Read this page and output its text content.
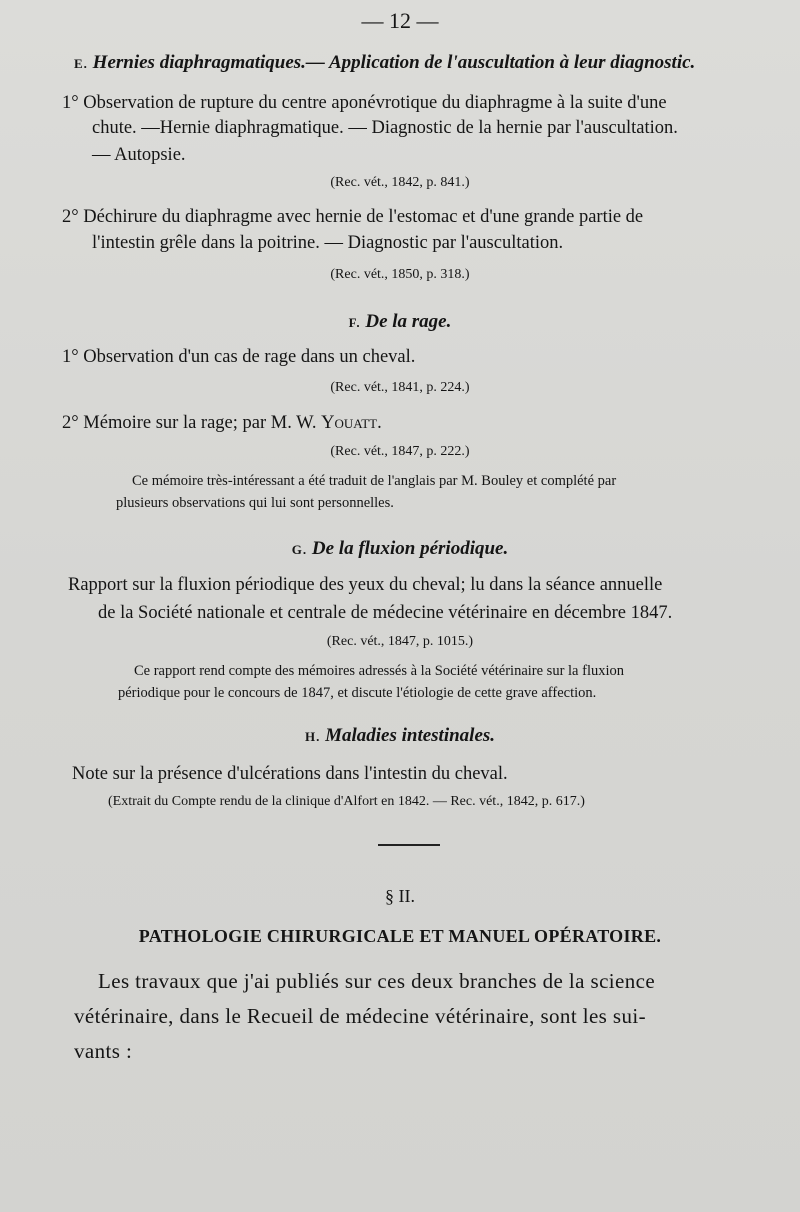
— 12 —
E. Hernies diaphragmatiques.— Application de l'auscultation à leur diagnostic.
1° Observation de rupture du centre aponévrotique du diaphragme à la suite d'une
chute. —Hernie diaphragmatique. — Diagnostic de la hernie par l'auscultation.
— Autopsie.
(Rec. vét., 1842, p. 841.)
2° Déchirure du diaphragme avec hernie de l'estomac et d'une grande partie de
l'intestin grêle dans la poitrine. — Diagnostic par l'auscultation.
(Rec. vét., 1850, p. 318.)
F. De la rage.
1° Observation d'un cas de rage dans un cheval.
(Rec. vét., 1841, p. 224.)
2° Mémoire sur la rage; par M. W. Youatt.
(Rec. vét., 1847, p. 222.)
Ce mémoire très-intéressant a été traduit de l'anglais par M. Bouley et complété par
plusieurs observations qui lui sont personnelles.
G. De la fluxion périodique.
Rapport sur la fluxion périodique des yeux du cheval; lu dans la séance annuelle
de la Société nationale et centrale de médecine vétérinaire en décembre 1847.
(Rec. vét., 1847, p. 1015.)
Ce rapport rend compte des mémoires adressés à la Société vétérinaire sur la fluxion
périodique pour le concours de 1847, et discute l'étiologie de cette grave affection.
H. Maladies intestinales.
Note sur la présence d'ulcérations dans l'intestin du cheval.
(Extrait du Compte rendu de la clinique d'Alfort en 1842. — Rec. vét., 1842, p. 617.)
§ II.
PATHOLOGIE CHIRURGICALE ET MANUEL OPÉRATOIRE.
Les travaux que j'ai publiés sur ces deux branches de la science
vétérinaire, dans le Recueil de médecine vétérinaire, sont les sui-
vants :
